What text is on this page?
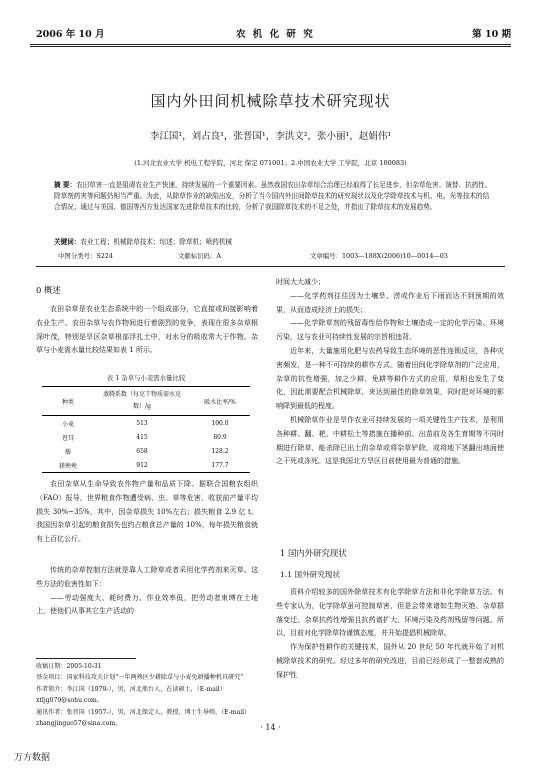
2006 年 10 月	农 机 化 研 究	第 10 期
国内外田间机械除草技术研究现状
李江国¹，刘占良¹，张晋国¹，李洪文²，张小丽¹，赵娟伟¹
(1.河北农业大学 机电工程学院，河北 保定 071001；2.中国农业大学 工学院，北京 100083)
摘 要：农田草害一直是阻碍农业生产快速，持续发展的一个重要因素。虽然我国农田杂草综合治理已经取得了长足进步，但杂草危害、演替、抗药性、除草剂药害等问题仍相当严重。为此，从除草作业的缺陷出发，分析了当今国内外田间除草技术的研究现状以及化学除草技术与机、电、光等技术的结合情况；通过与美国、德国等西方发达国家先进除草技术的比较，分析了我国除草技术的不足之处，并指出了除草技术的发展趋势。
关键词：农业工程；机械除草技术；综述；除草机；喷药机械
中图分类号：S224	文献标识码：A	文章编号：1003—188X(2006)10—0014—03
0 概述

农田杂草是农业生态系统中的一个组成部分，它直接或间接影响着农业生产。农田杂草与农作物间进行着剧烈的竞争，表现在很多杂草根深叶茂，特别是旱区杂草根部浮扎土中，对水分的吸收常大于作物。杂草与小麦需水量比较结果如表 1 所示。

表 1 杂草与小麦需水量比较
种类	蒸腾系数（每克干物质需水克数）/g	吸水比率/%
小麦	513	100.0
苍耳	415	80.9
藜	658	128.2
猪殃殃	912	177.7

农田杂草从生命导致农作物产量和品质下降。据联合国粮农组织（FAO）报导，世界粮食作物遭受病、虫、草等危害，收获前产量平均损失 30%~35%，其中，因杂草损失 10%左右；损失粮食 2.9 亿 t。我国因杂草引起的粮食损失也约占粮食总产量的 10%，每年损失粮食就有上百亿公斤。

传统的杂草控制方法就是靠人工除草或者采用化学药剂来灭草。这些方法的危害性如下：

——劳动强度大、耗时费力、作业效率低，把劳动者束缚在土地上，使他们从事其它生产活动的

收稿日期：2005-10-31
基金项目：国家科技攻关计划“一年两熟区少耕除草与小麦免耕播种机具研究”
作者简介：李江国（1979-），男，河北邢台人，在读硕士，（E-mail）xtljg079@sohu.com。
通讯作者：张晋国（1957-），男，河北保定人，教授，博士生导师，（E-mail）zhangjinguo57@sina.com。
时间大大减少；

——化学药剂往往因为土壤旱、涝或作业后下雨而达不到预期的效果，从而造成经济上的损失；

——化学除草剂的残留毒性给作物和土壤造成一定的化学污染、环境污染，这与农业可持续性发展的宗旨相违背。

近年来，大量施用化肥与农药导致生态环境的恶性连锁反应，各种灾害频发，是一种不可持续的耕作方式。随着田间化学除草剂的广泛应用，杂草的抗性增强，加之少耕、免耕等耕作方式的应用，草相也发生了变化，因此需要配合机械除草，来达到最佳的除草效果，同时把对环境的影响降到最低的程度。

机械除草作业是旱作农业可持续发展的一项关键性生产技术，是利用各种耕、翻、耙、中耕松土等措施在播种前、出苗前及各生育期等不同时期进行除草，能杀除已出土的杂草或将杂草铲除，或将地下茎翻出地面使之干死或冻死。这是我国北方旱区目前使用最为普通的措施。

1 国内外研究现状
1.1 国外研究现状

资料介绍较多的国外除草技术有化学除草方法和非化学除草方法。有些专家认为，化学除草虽可控制草害，但是会带来诸如生物灭绝、杂草群落变迁、杂草抗药性增强且抗药谱扩大、环境污染及药剂残留等问题。所以，目前对化学除草持谨慎态度，并开始提倡机械除草。

作为保护性耕作的关键技术，国外从 20 世纪 50 年代就开始了对机械除草技术的研究。经过多年的研究改进，目前已经形成了一整套成熟的保护性

· 14 ·
万方数据
